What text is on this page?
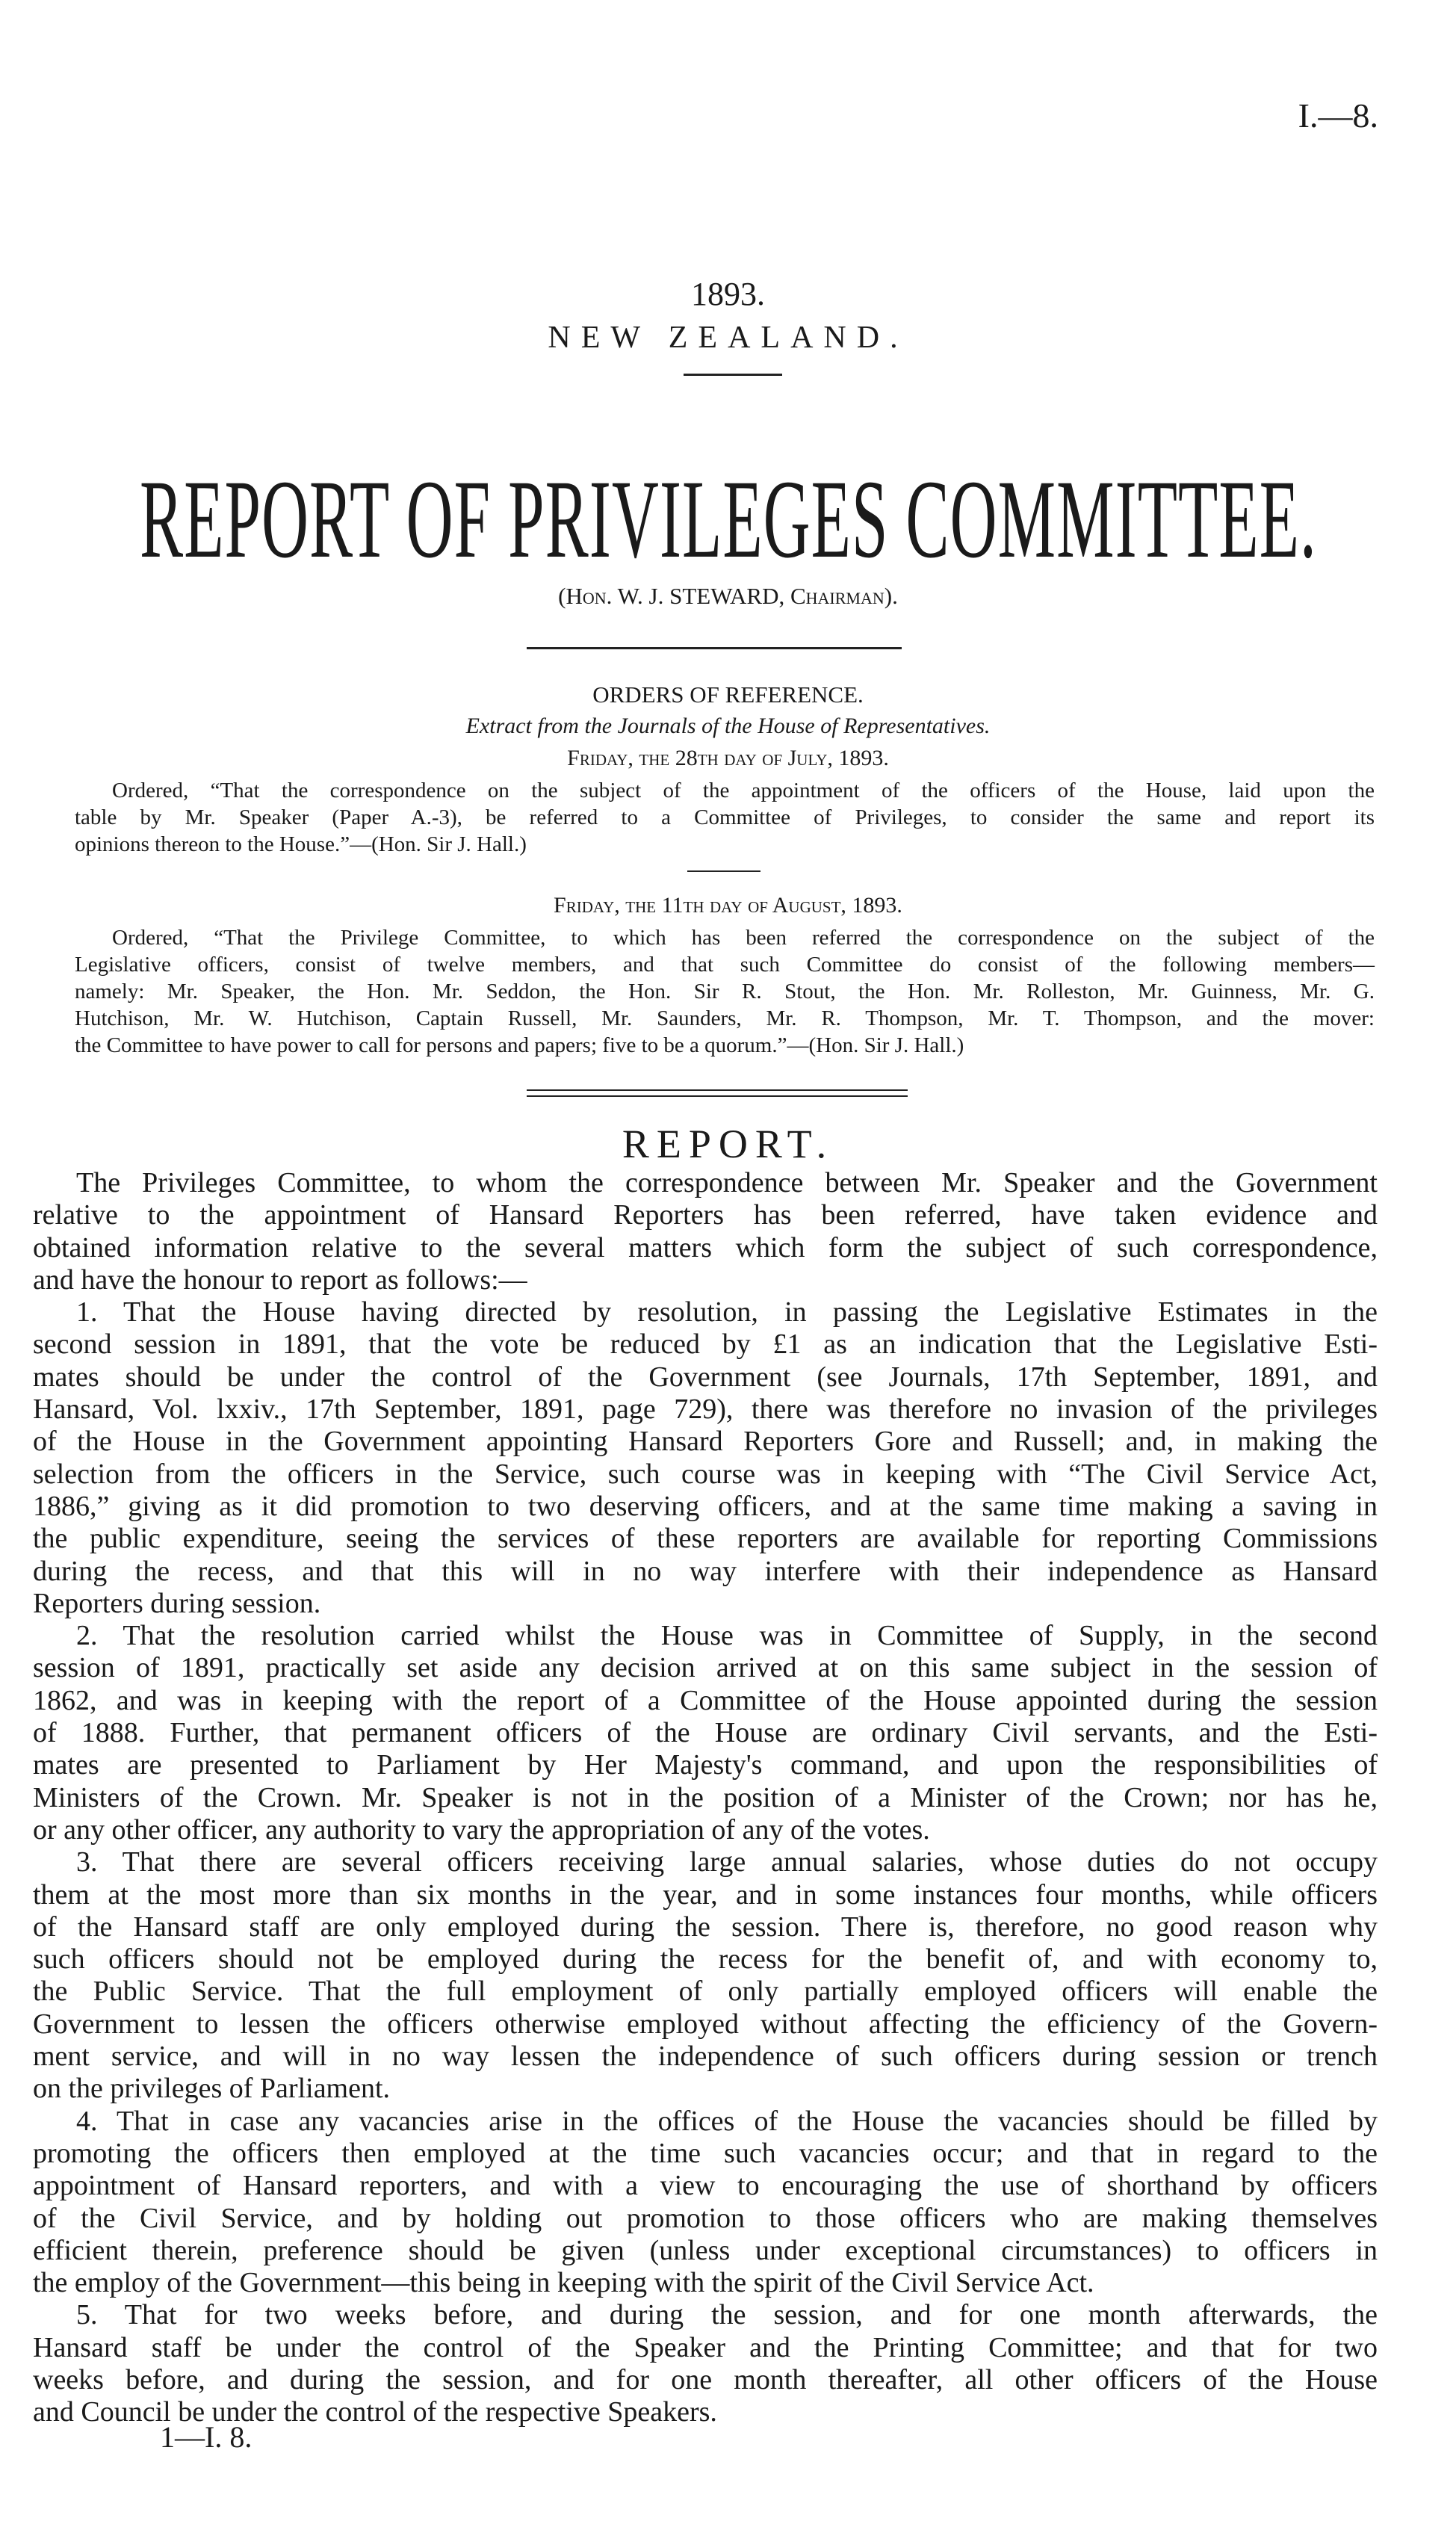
I.—8.
1893.
NEW ZEALAND.
REPORT OF PRIVILEGES COMMITTEE.
(Hon. W. J. STEWARD, Chairman).
ORDERS OF REFERENCE.
Extract from the Journals of the House of Representatives.
Friday, the 28th day of July, 1893.
Ordered, “That the correspondence on the subject of the appointment of the officers of the House, laid upon the
table by Mr. Speaker (Paper A.-3), be referred to a Committee of Privileges, to consider the same and report its
opinions thereon to the House.”—(Hon. Sir J. Hall.)
Friday, the 11th day of August, 1893.
Ordered, “That the Privilege Committee, to which has been referred the correspondence on the subject of the
Legislative officers, consist of twelve members, and that such Committee do consist of the following members—
namely: Mr. Speaker, the Hon. Mr. Seddon, the Hon. Sir R. Stout, the Hon. Mr. Rolleston, Mr. Guinness, Mr. G.
Hutchison, Mr. W. Hutchison, Captain Russell, Mr. Saunders, Mr. R. Thompson, Mr. T. Thompson, and the mover:
the Committee to have power to call for persons and papers; five to be a quorum.”—(Hon. Sir J. Hall.)
REPORT.
The Privileges Committee, to whom the correspondence between Mr. Speaker and the Government
relative to the appointment of Hansard Reporters has been referred, have taken evidence and
obtained information relative to the several matters which form the subject of such correspondence,
and have the honour to report as follows:—
1. That the House having directed by resolution, in passing the Legislative Estimates in the
second session in 1891, that the vote be reduced by £1 as an indication that the Legislative Esti-
mates should be under the control of the Government (see Journals, 17th September, 1891, and
Hansard, Vol. lxxiv., 17th September, 1891, page 729), there was therefore no invasion of the privileges
of the House in the Government appointing Hansard Reporters Gore and Russell; and, in making the
selection from the officers in the Service, such course was in keeping with “The Civil Service Act,
1886,” giving as it did promotion to two deserving officers, and at the same time making a saving in
the public expenditure, seeing the services of these reporters are available for reporting Commissions
during the recess, and that this will in no way interfere with their independence as Hansard
Reporters during session.
2. That the resolution carried whilst the House was in Committee of Supply, in the second
session of 1891, practically set aside any decision arrived at on this same subject in the session of
1862, and was in keeping with the report of a Committee of the House appointed during the session
of 1888. Further, that permanent officers of the House are ordinary Civil servants, and the Esti-
mates are presented to Parliament by Her Majesty's command, and upon the responsibilities of
Ministers of the Crown. Mr. Speaker is not in the position of a Minister of the Crown; nor has he,
or any other officer, any authority to vary the appropriation of any of the votes.
3. That there are several officers receiving large annual salaries, whose duties do not occupy
them at the most more than six months in the year, and in some instances four months, while officers
of the Hansard staff are only employed during the session. There is, therefore, no good reason why
such officers should not be employed during the recess for the benefit of, and with economy to,
the Public Service. That the full employment of only partially employed officers will enable the
Government to lessen the officers otherwise employed without affecting the efficiency of the Govern-
ment service, and will in no way lessen the independence of such officers during session or trench
on the privileges of Parliament.
4. That in case any vacancies arise in the offices of the House the vacancies should be filled by
promoting the officers then employed at the time such vacancies occur; and that in regard to the
appointment of Hansard reporters, and with a view to encouraging the use of shorthand by officers
of the Civil Service, and by holding out promotion to those officers who are making themselves
efficient therein, preference should be given (unless under exceptional circumstances) to officers in
the employ of the Government—this being in keeping with the spirit of the Civil Service Act.
5. That for two weeks before, and during the session, and for one month afterwards, the
Hansard staff be under the control of the Speaker and the Printing Committee; and that for two
weeks before, and during the session, and for one month thereafter, all other officers of the House
and Council be under the control of the respective Speakers.
1—I. 8.
